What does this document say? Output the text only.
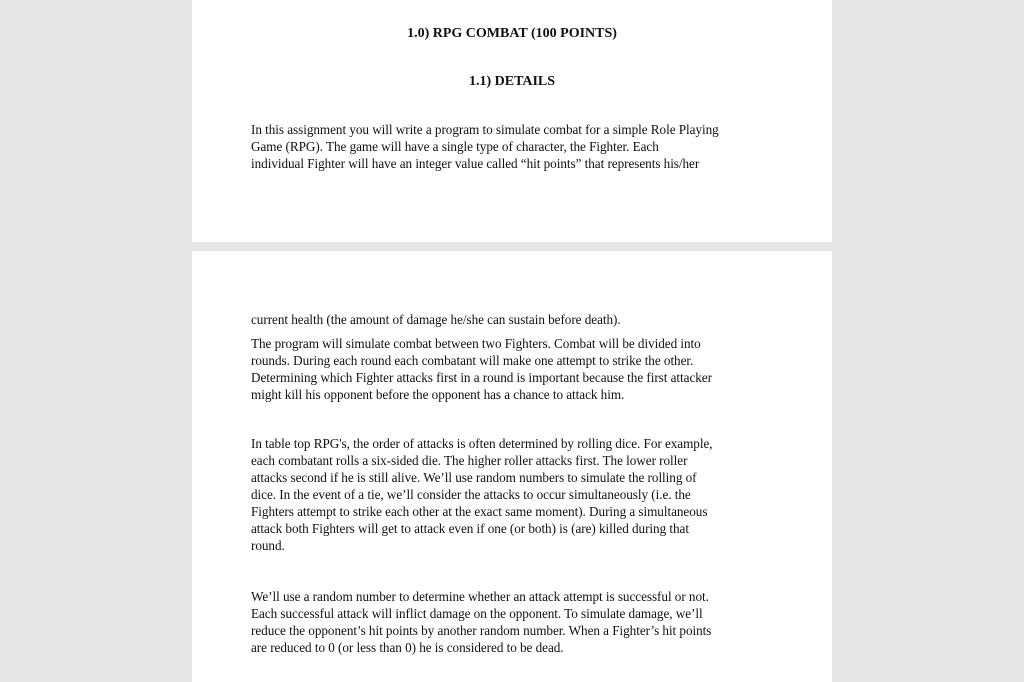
1.0) RPG COMBAT (100 POINTS)
1.1) DETAILS

In this assignment you will write a program to simulate combat for a simple Role Playing
Game (RPG). The game will have a single type of character, the Fighter. Each
individual Fighter will have an integer value called “hit points” that represents his/her

current health (the amount of damage he/she can sustain before death).

The program will simulate combat between two Fighters. Combat will be divided into
rounds. During each round each combatant will make one attempt to strike the other.
Determining which Fighter attacks first in a round is important because the first attacker
might kill his opponent before the opponent has a chance to attack him.

In table top RPG's, the order of attacks is often determined by rolling dice. For example,
each combatant rolls a six-sided die. The higher roller attacks first. The lower roller
attacks second if he is still alive. We’ll use random numbers to simulate the rolling of
dice. In the event of a tie, we’ll consider the attacks to occur simultaneously (i.e. the
Fighters attempt to strike each other at the exact same moment). During a simultaneous
attack both Fighters will get to attack even if one (or both) is (are) killed during that
round.

We’ll use a random number to determine whether an attack attempt is successful or not.
Each successful attack will inflict damage on the opponent. To simulate damage, we’ll
reduce the opponent’s hit points by another random number. When a Fighter’s hit points
are reduced to 0 (or less than 0) he is considered to be dead.
